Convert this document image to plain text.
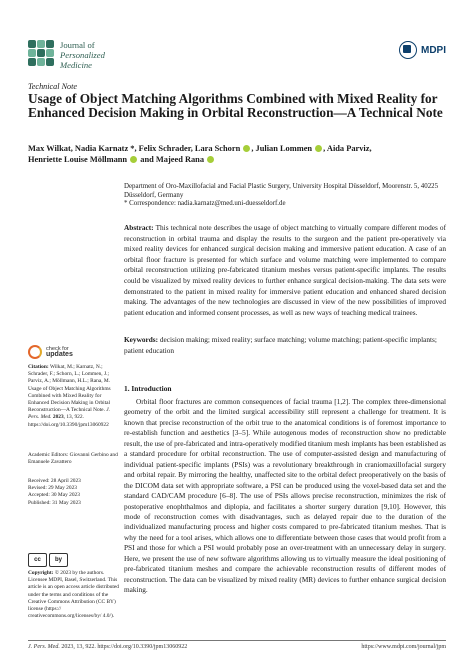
Journal of
Personalized
Medicine
MDPI
Technical Note
Usage of Object Matching Algorithms Combined with Mixed Reality for Enhanced Decision Making in Orbital Reconstruction—A Technical Note
Max Wilkat, Nadia Karnatz *, Felix Schrader, Lara Schorn , Julian Lommen , Aida Parviz,
Henriette Louise Möllmann and Majeed Rana
Department of Oro-Maxillofacial and Facial Plastic Surgery, University Hospital Düsseldorf, Moorenstr. 5, 40225 Düsseldorf, Germany
* Correspondence: nadia.karnatz@med.uni-duesseldorf.de
Abstract: This technical note describes the usage of object matching to virtually compare different modes of reconstruction in orbital trauma and display the results to the surgeon and the patient pre-operatively via mixed reality devices for enhanced surgical decision making and immersive patient education. A case of an orbital floor fracture is presented for which surface and volume matching were implemented to compare orbital reconstruction utilizing pre-fabricated titanium meshes versus patient-specific implants. The results could be visualized by mixed reality devices to further enhance surgical decision-making. The data sets were demonstrated to the patient in mixed reality for immersive patient education and enhanced shared decision making. The advantages of the new technologies are discussed in view of the new possibilities of improved patient education and informed consent processes, as well as new ways of teaching medical trainees.
Keywords: decision making; mixed reality; surface matching; volume matching; patient-specific implants; patient education
check for
updates
Citation: Wilkat, M.; Karnatz, N.; Schrader, F.; Schorn, L.; Lommen, J.; Parviz, A.; Möllmann, H.L.; Rana, M. Usage of Object Matching Algorithms Combined with Mixed Reality for Enhanced Decision Making in Orbital Reconstruction—A Technical Note. J. Pers. Med. 2023, 13, 922. https://doi.org/10.3390/jpm13060922
Academic Editors: Giovanni Gerbino and Emanuele Zavattero
Received: 28 April 2023
Revised: 29 May 2023
Accepted: 30 May 2023
Published: 31 May 2023
cc	by
Copyright: © 2023 by the authors. Licensee MDPI, Basel, Switzerland. This article is an open access article distributed under the terms and conditions of the Creative Commons Attribution (CC BY) license (https:// creativecommons.org/licenses/by/ 4.0/).
1. Introduction
Orbital floor fractures are common consequences of facial trauma [1,2]. The complex three-dimensional geometry of the orbit and the limited surgical accessibility still represent a challenge for treatment. It is known that precise reconstruction of the orbit true to the anatomical conditions is of foremost importance to re-establish function and aesthetics [3–5]. While autogenous modes of reconstruction show no predictable result, the use of pre-fabricated and intra-operatively modified titanium mesh implants has been established as a standard procedure for orbital reconstruction. The use of computer-assisted design and manufacturing of individual patient-specific implants (PSIs) was a revolutionary breakthrough in craniomaxillofacial surgery and orbital repair. By mirroring the healthy, unaffected site to the orbital defect preoperatively on the basis of the DICOM data set with appropriate software, a PSI can be produced using the voxel-based data set and the standard CAD/CAM procedure [6–8]. The use of PSIs allows precise reconstruction, minimizes the risk of postoperative enophthalmos and diplopia, and facilitates a shorter surgery duration [9,10]. However, this mode of reconstruction comes with disadvantages, such as delayed repair due to the duration of the individualized manufacturing process and higher costs compared to pre-fabricated titanium meshes. That is why the need for a tool arises, which allows one to differentiate between those cases that would profit from a PSI and those for which a PSI would probably pose an over-treatment with an unnecessary delay in surgery. Here, we present the use of new software algorithms allowing us to virtually measure the ideal positioning of pre-fabricated titanium meshes and compare the achievable reconstruction results of different modes of reconstruction. The data can be visualized by mixed reality (MR) devices to further enhance surgical decision making.
J. Pers. Med. 2023, 13, 922. https://doi.org/10.3390/jpm13060922	https://www.mdpi.com/journal/jpm
